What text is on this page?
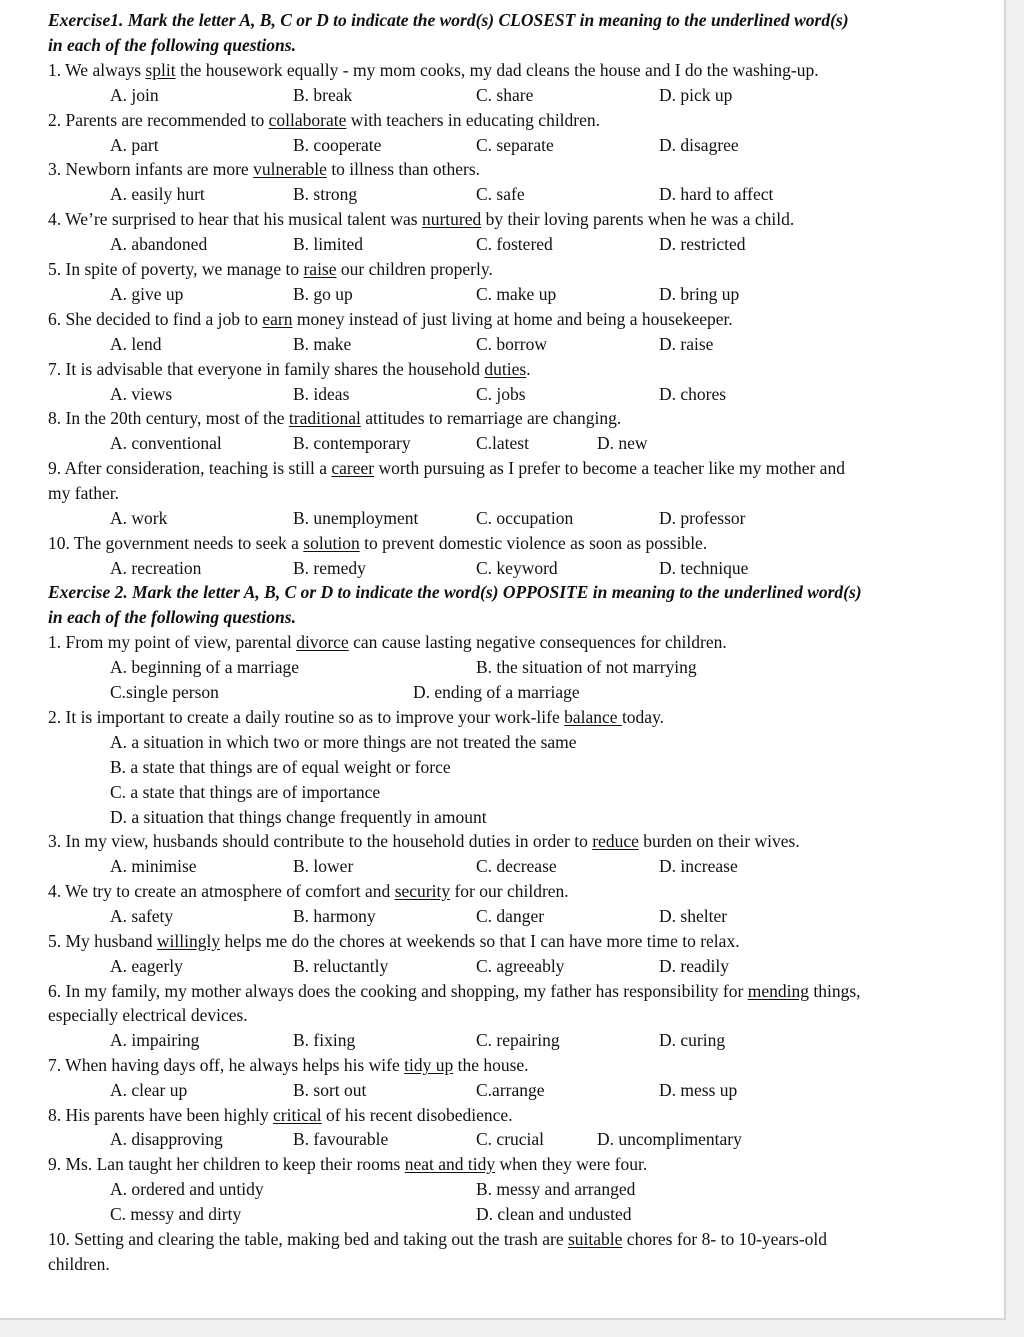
Exercise1. Mark the letter A, B, C or D to indicate the word(s) CLOSEST in meaning to the underlined word(s)
in each of the following questions.
1. We always split the housework equally - my mom cooks, my dad cleans the house and I do the washing-up.
A. join	B. break	C. share	D. pick up
2. Parents are recommended to collaborate with teachers in educating children.
A. part	B. cooperate	C. separate	D. disagree
3. Newborn infants are more vulnerable to illness than others.
A. easily hurt	B. strong	C. safe	D. hard to affect
4. We’re surprised to hear that his musical talent was nurtured by their loving parents when he was a child.
A. abandoned	B. limited	C. fostered	D. restricted
5. In spite of poverty, we manage to raise our children properly.
A. give up	B. go up	C. make up	D. bring up
6. She decided to find a job to earn money instead of just living at home and being a housekeeper.
A. lend	B. make	C. borrow	D. raise
7. It is advisable that everyone in family shares the household duties.
A. views	B. ideas	C. jobs	D. chores
8. In the 20th century, most of the traditional attitudes to remarriage are changing.
A. conventional	B. contemporary	C.latest	D. new
9. After consideration, teaching is still a career worth pursuing as I prefer to become a teacher like my mother and
my father.
A. work	B. unemployment	C. occupation	D. professor
10. The government needs to seek a solution to prevent domestic violence as soon as possible.
A. recreation	B. remedy	C. keyword	D. technique
Exercise 2. Mark the letter A, B, C or D to indicate the word(s) OPPOSITE in meaning to the underlined word(s)
in each of the following questions.
1. From my point of view, parental divorce can cause lasting negative consequences for children.
A. beginning of a marriage	B. the situation of not marrying
C.single person	D. ending of a marriage
2. It is important to create a daily routine so as to improve your work-life balance today.
A. a situation in which two or more things are not treated the same
B. a state that things are of equal weight or force
C. a state that things are of importance
D. a situation that things change frequently in amount
3. In my view, husbands should contribute to the household duties in order to reduce burden on their wives.
A. minimise	B. lower	C. decrease	D. increase
4. We try to create an atmosphere of comfort and security for our children.
A. safety	B. harmony	C. danger	D. shelter
5. My husband willingly helps me do the chores at weekends so that I can have more time to relax.
A. eagerly	B. reluctantly	C. agreeably	D. readily
6. In my family, my mother always does the cooking and shopping, my father has responsibility for mending things,
especially electrical devices.
A. impairing	B. fixing	C. repairing	D. curing
7. When having days off, he always helps his wife tidy up the house.
A. clear up	B. sort out	C.arrange	D. mess up
8. His parents have been highly critical of his recent disobedience.
A. disapproving	B. favourable	C. crucial	D. uncomplimentary
9. Ms. Lan taught her children to keep their rooms neat and tidy when they were four.
A. ordered and untidy	B. messy and arranged
C. messy and dirty	D. clean and undusted
10. Setting and clearing the table, making bed and taking out the trash are suitable chores for 8- to 10-years-old
children.
